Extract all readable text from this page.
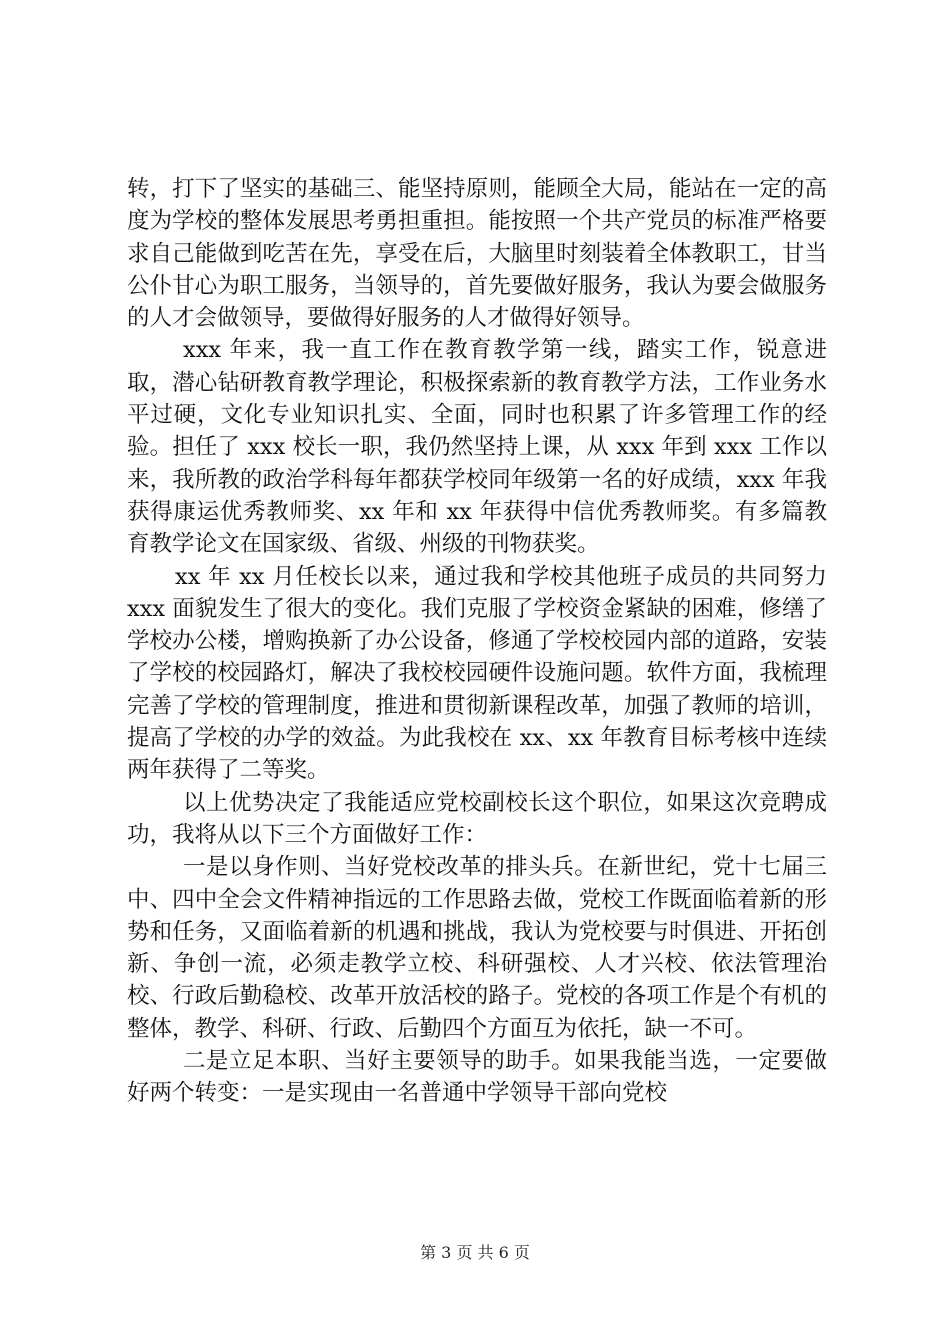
转，打下了坚实的基础三、能坚持原则，能顾全大局，能站在一定的高度为学校的整体发展思考勇担重担。能按照一个共产党员的标准严格要求自己能做到吃苦在先，享受在后，大脑里时刻装着全体教职工，甘当公仆甘心为职工服务，当领导的，首先要做好服务，我认为要会做服务的人才会做领导，要做得好服务的人才做得好领导。

xxx 年来，我一直工作在教育教学第一线，踏实工作，锐意进取，潜心钻研教育教学理论，积极探索新的教育教学方法，工作业务水平过硬，文化专业知识扎实、全面，同时也积累了许多管理工作的经验。担任了 xxx 校长一职，我仍然坚持上课，从 xxx 年到 xxx 工作以来，我所教的政治学科每年都获学校同年级第一名的好成绩，xxx 年我获得康运优秀教师奖、xx 年和 xx 年获得中信优秀教师奖。有多篇教育教学论文在国家级、省级、州级的刊物获奖。

xx 年 xx 月任校长以来，通过我和学校其他班子成员的共同努力 xxx 面貌发生了很大的变化。我们克服了学校资金紧缺的困难，修缮了学校办公楼，增购换新了办公设备，修通了学校校园内部的道路，安装了学校的校园路灯，解决了我校校园硬件设施问题。软件方面，我梳理完善了学校的管理制度，推进和贯彻新课程改革，加强了教师的培训，提高了学校的办学的效益。为此我校在 xx、xx 年教育目标考核中连续两年获得了二等奖。

以上优势决定了我能适应党校副校长这个职位，如果这次竞聘成功，我将从以下三个方面做好工作：

一是以身作则、当好党校改革的排头兵。在新世纪，党十七届三中、四中全会文件精神指远的工作思路去做，党校工作既面临着新的形势和任务，又面临着新的机遇和挑战，我认为党校要与时俱进、开拓创新、争创一流，必须走教学立校、科研强校、人才兴校、依法管理治校、行政后勤稳校、改革开放活校的路子。党校的各项工作是个有机的整体，教学、科研、行政、后勤四个方面互为依托，缺一不可。

二是立足本职、当好主要领导的助手。如果我能当选，一定要做好两个转变：一是实现由一名普通中学领导干部向党校

第 3 页 共 6 页
